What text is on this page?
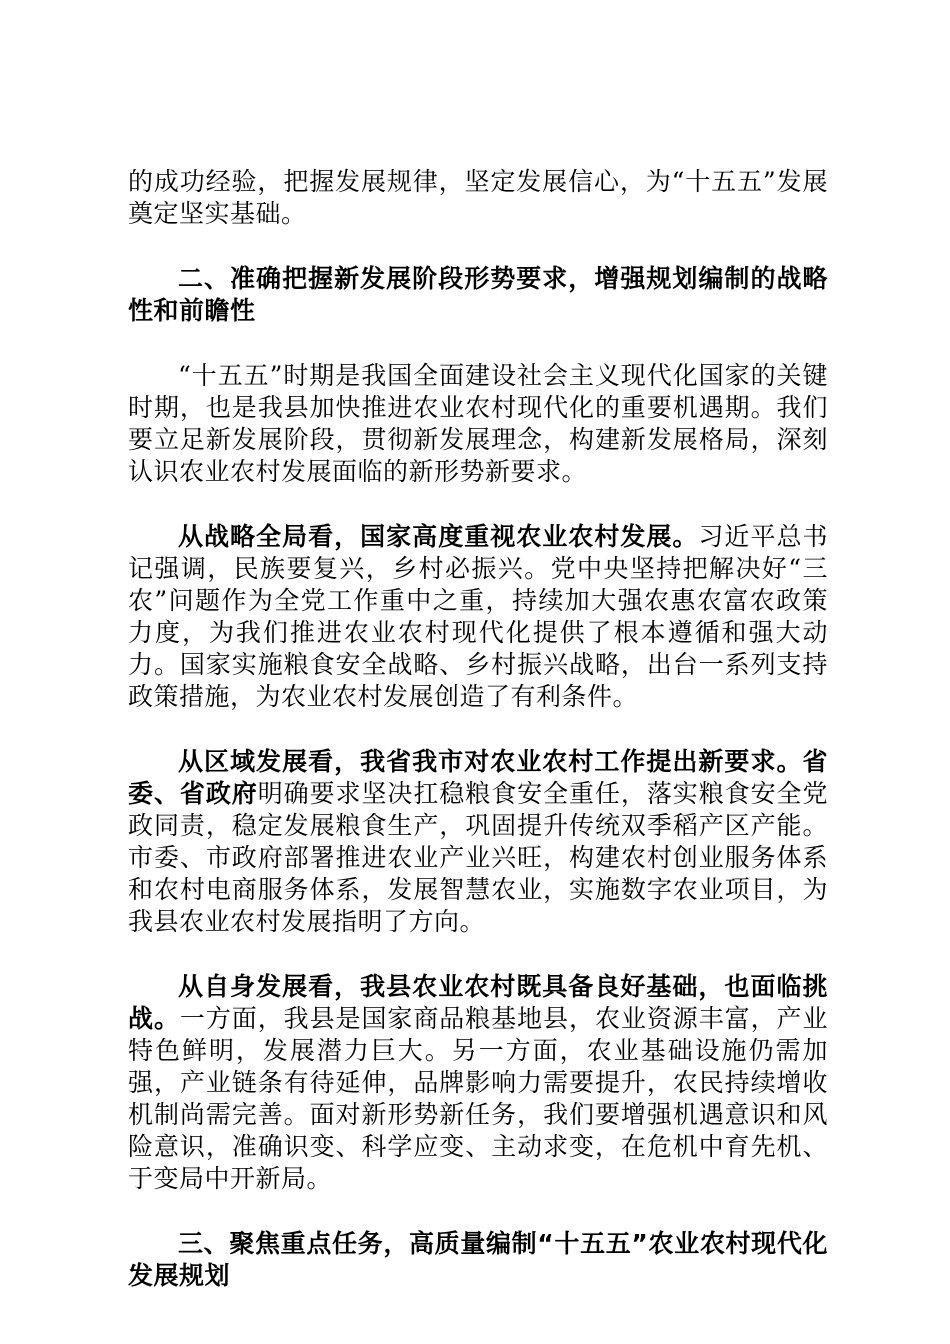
的成功经验，把握发展规律，坚定发展信心，为“十五五”发展奠定坚实基础。

二、准确把握新发展阶段形势要求，增强规划编制的战略性和前瞻性

“十五五”时期是我国全面建设社会主义现代化国家的关键时期，也是我县加快推进农业农村现代化的重要机遇期。我们要立足新发展阶段，贯彻新发展理念，构建新发展格局，深刻认识农业农村发展面临的新形势新要求。

从战略全局看，国家高度重视农业农村发展。习近平总书记强调，民族要复兴，乡村必振兴。党中央坚持把解决好“三农”问题作为全党工作重中之重，持续加大强农惠农富农政策力度，为我们推进农业农村现代化提供了根本遵循和强大动力。国家实施粮食安全战略、乡村振兴战略，出台一系列支持政策措施，为农业农村发展创造了有利条件。

从区域发展看，我省我市对农业农村工作提出新要求。省委、省政府明确要求坚决扛稳粮食安全重任，落实粮食安全党政同责，稳定发展粮食生产，巩固提升传统双季稻产区产能。市委、市政府部署推进农业产业兴旺，构建农村创业服务体系和农村电商服务体系，发展智慧农业，实施数字农业项目，为我县农业农村发展指明了方向。

从自身发展看，我县农业农村既具备良好基础，也面临挑战。一方面，我县是国家商品粮基地县，农业资源丰富，产业特色鲜明，发展潜力巨大。另一方面，农业基础设施仍需加强，产业链条有待延伸，品牌影响力需要提升，农民持续增收机制尚需完善。面对新形势新任务，我们要增强机遇意识和风险意识，准确识变、科学应变、主动求变，在危机中育先机、于变局中开新局。

三、聚焦重点任务，高质量编制“十五五”农业农村现代化发展规划
